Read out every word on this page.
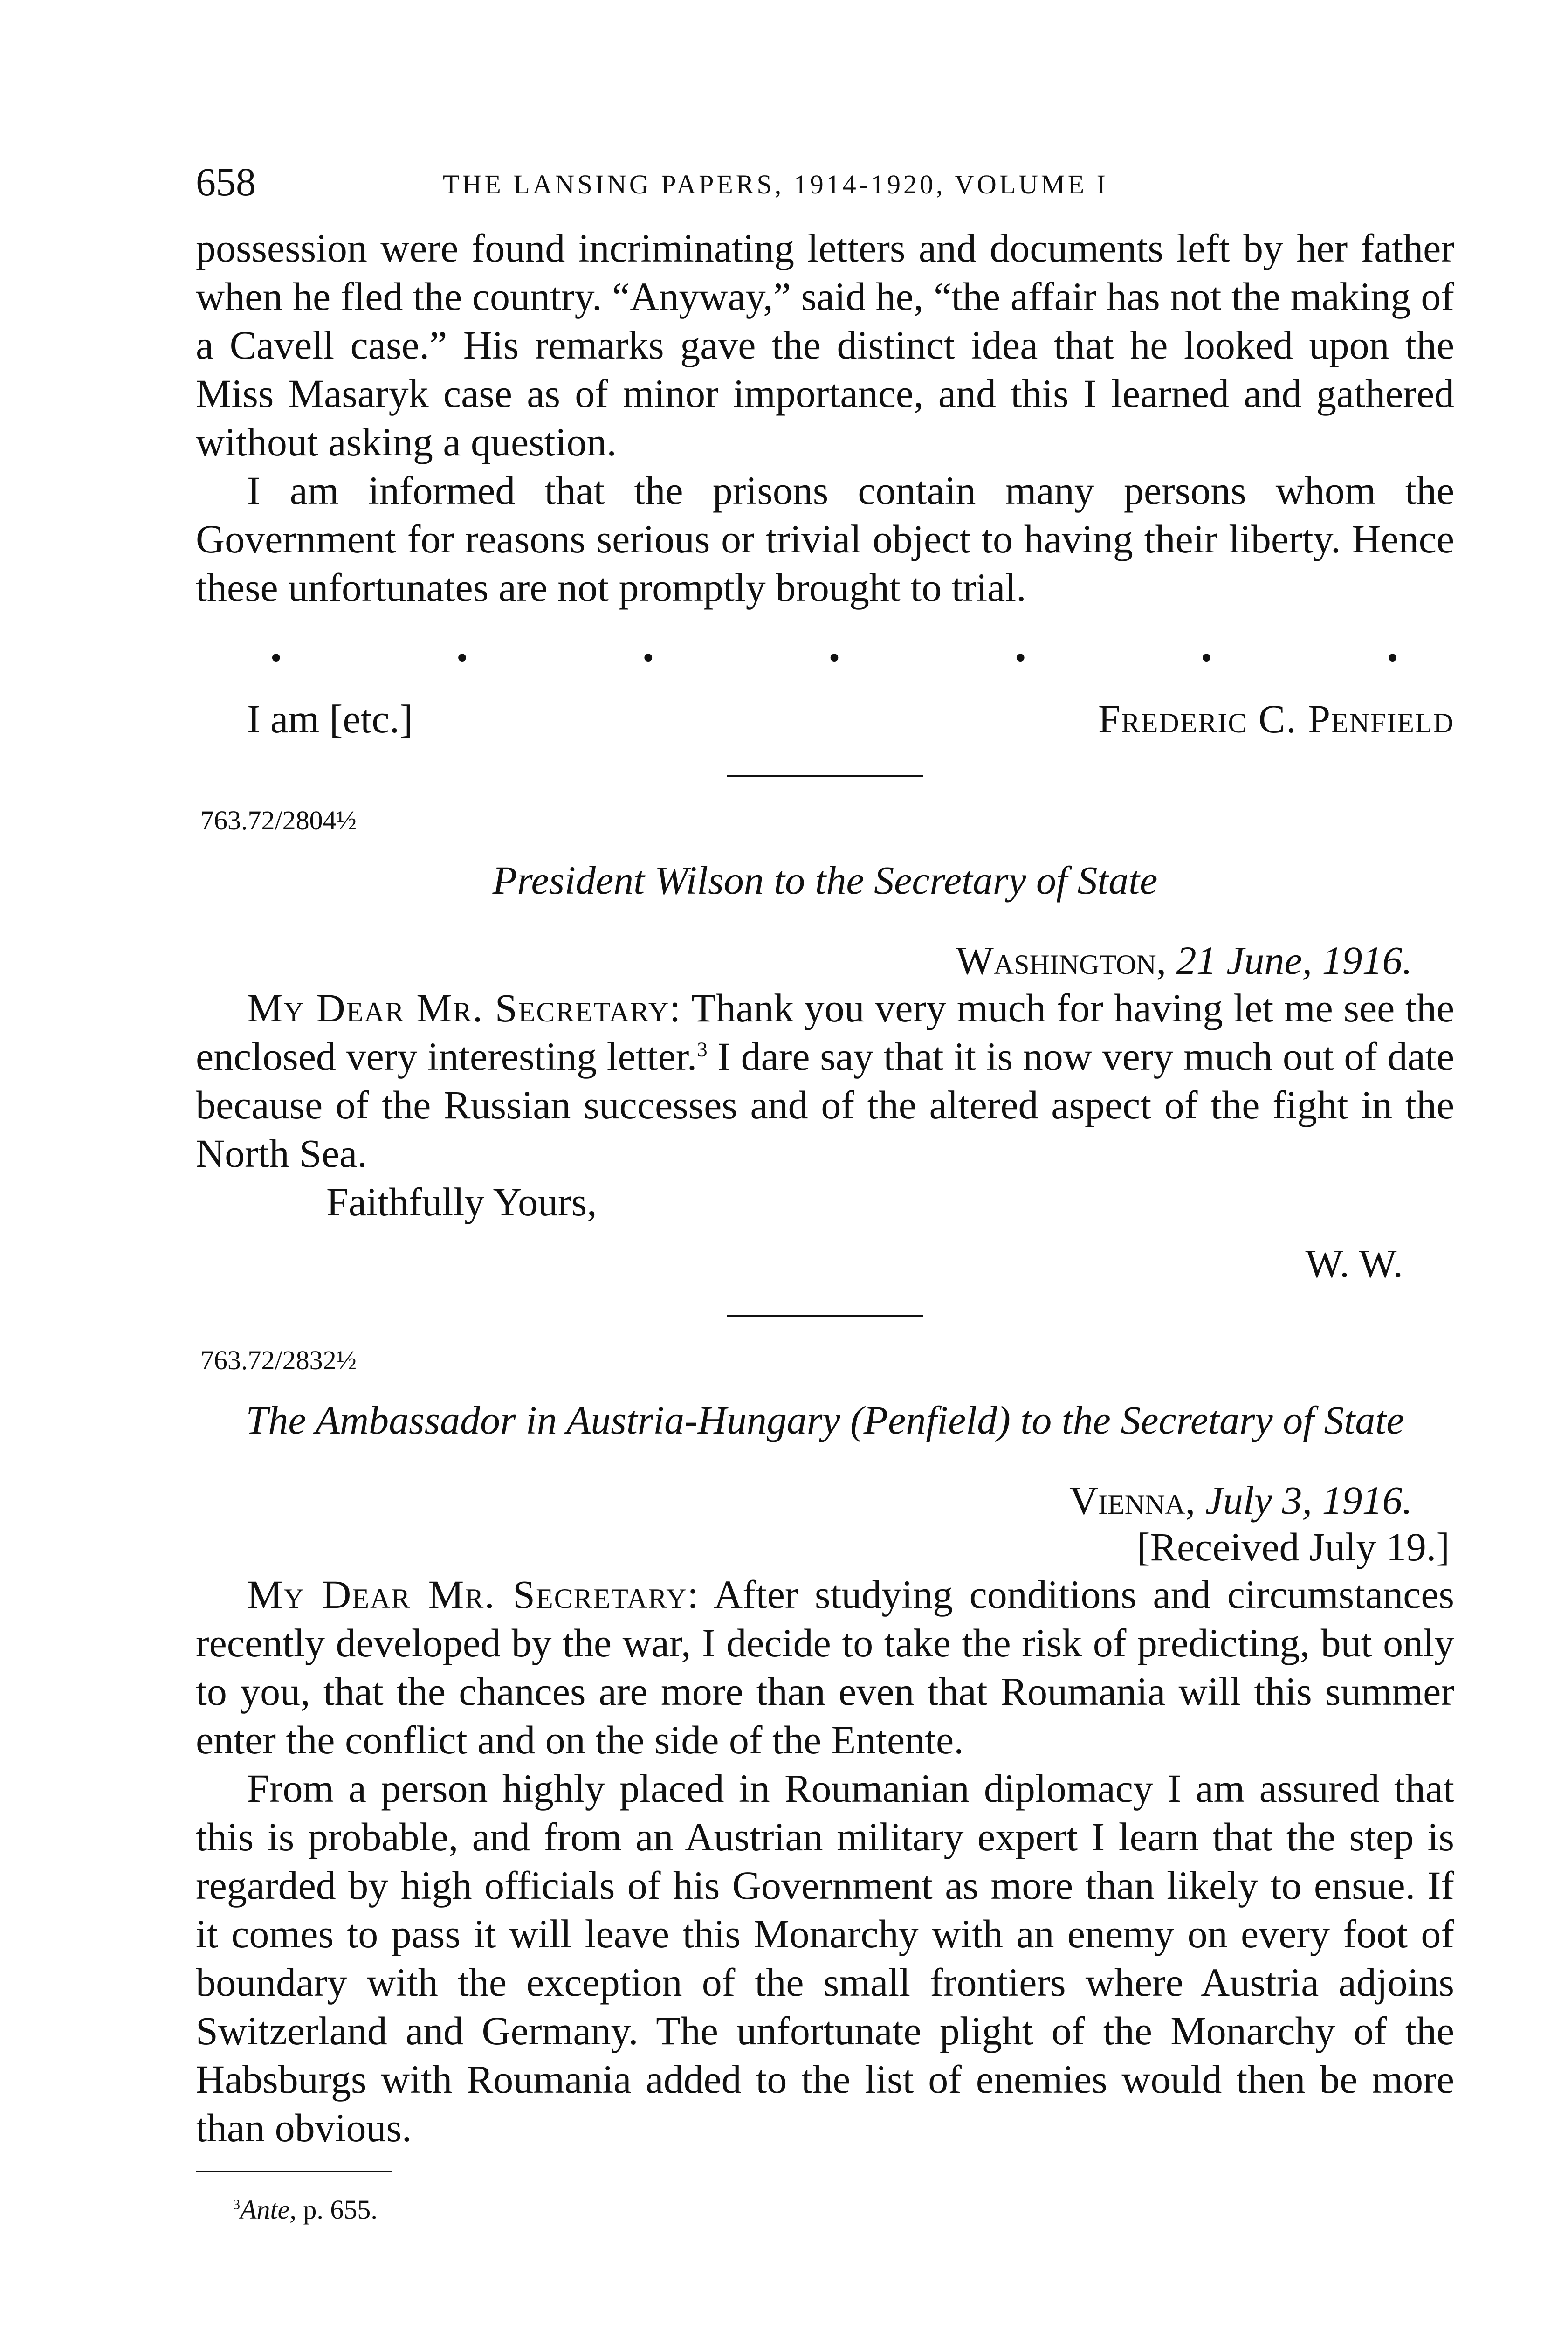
658	THE LANSING PAPERS, 1914-1920, VOLUME I

possession were found incriminating letters and documents left by her father when he fled the country. “Anyway,” said he, “the affair has not the making of a Cavell case.” His remarks gave the distinct idea that he looked upon the Miss Masaryk case as of minor importance, and this I learned and gathered without asking a question.

I am informed that the prisons contain many persons whom the Government for reasons serious or trivial object to having their liberty. Hence these unfortunates are not promptly brought to trial.

•	•	•	•	•	•	•
I am [etc.]	Frederic C. Penfield
763.72/2804½
President Wilson to the Secretary of State
Washington, 21 June, 1916.

My Dear Mr. Secretary: Thank you very much for having let me see the enclosed very interesting letter.$^3$ I dare say that it is now very much out of date because of the Russian successes and of the altered aspect of the fight in the North Sea.

Faithfully Yours,
W. W.
763.72/2832½
The Ambassador in Austria-Hungary (Penfield) to the Secretary of State
Vienna, July 3, 1916.
[Received July 19.]

My Dear Mr. Secretary: After studying conditions and circumstances recently developed by the war, I decide to take the risk of predicting, but only to you, that the chances are more than even that Roumania will this summer enter the conflict and on the side of the Entente.

From a person highly placed in Roumanian diplomacy I am assured that this is probable, and from an Austrian military expert I learn that the step is regarded by high officials of his Government as more than likely to ensue. If it comes to pass it will leave this Monarchy with an enemy on every foot of boundary with the exception of the small frontiers where Austria adjoins Switzerland and Germany. The unfortunate plight of the Monarchy of the Habsburgs with Roumania added to the list of enemies would then be more than obvious.

$^3$Ante, p. 655.
